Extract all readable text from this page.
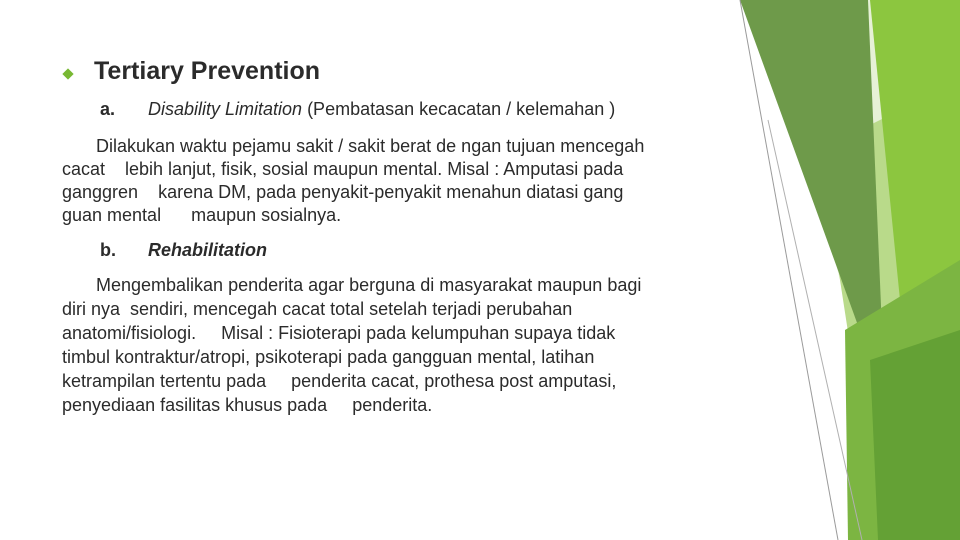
Tertiary Prevention
a. Disability Limitation (Pembatasan kecacatan / kelemahan )
Dilakukan waktu pejamu sakit / sakit berat de ngan tujuan mencegah
cacat    lebih lanjut, fisik, sosial maupun mental. Misal : Amputasi pada
ganggren    karena DM, pada penyakit-penyakit menahun diatasi gang
guan mental      maupun sosialnya.
b. Rehabilitation
Mengembalikan penderita agar berguna di masyarakat maupun bagi
diri nya  sendiri, mencegah cacat total setelah terjadi perubahan
anatomi/fisiologi.     Misal : Fisioterapi pada kelumpuhan supaya tidak
timbul kontraktur/atropi, psikoterapi pada gangguan mental, latihan
ketrampilan tertentu pada     penderita cacat, prothesa post amputasi,
penyediaan fasilitas khusus pada     penderita.
